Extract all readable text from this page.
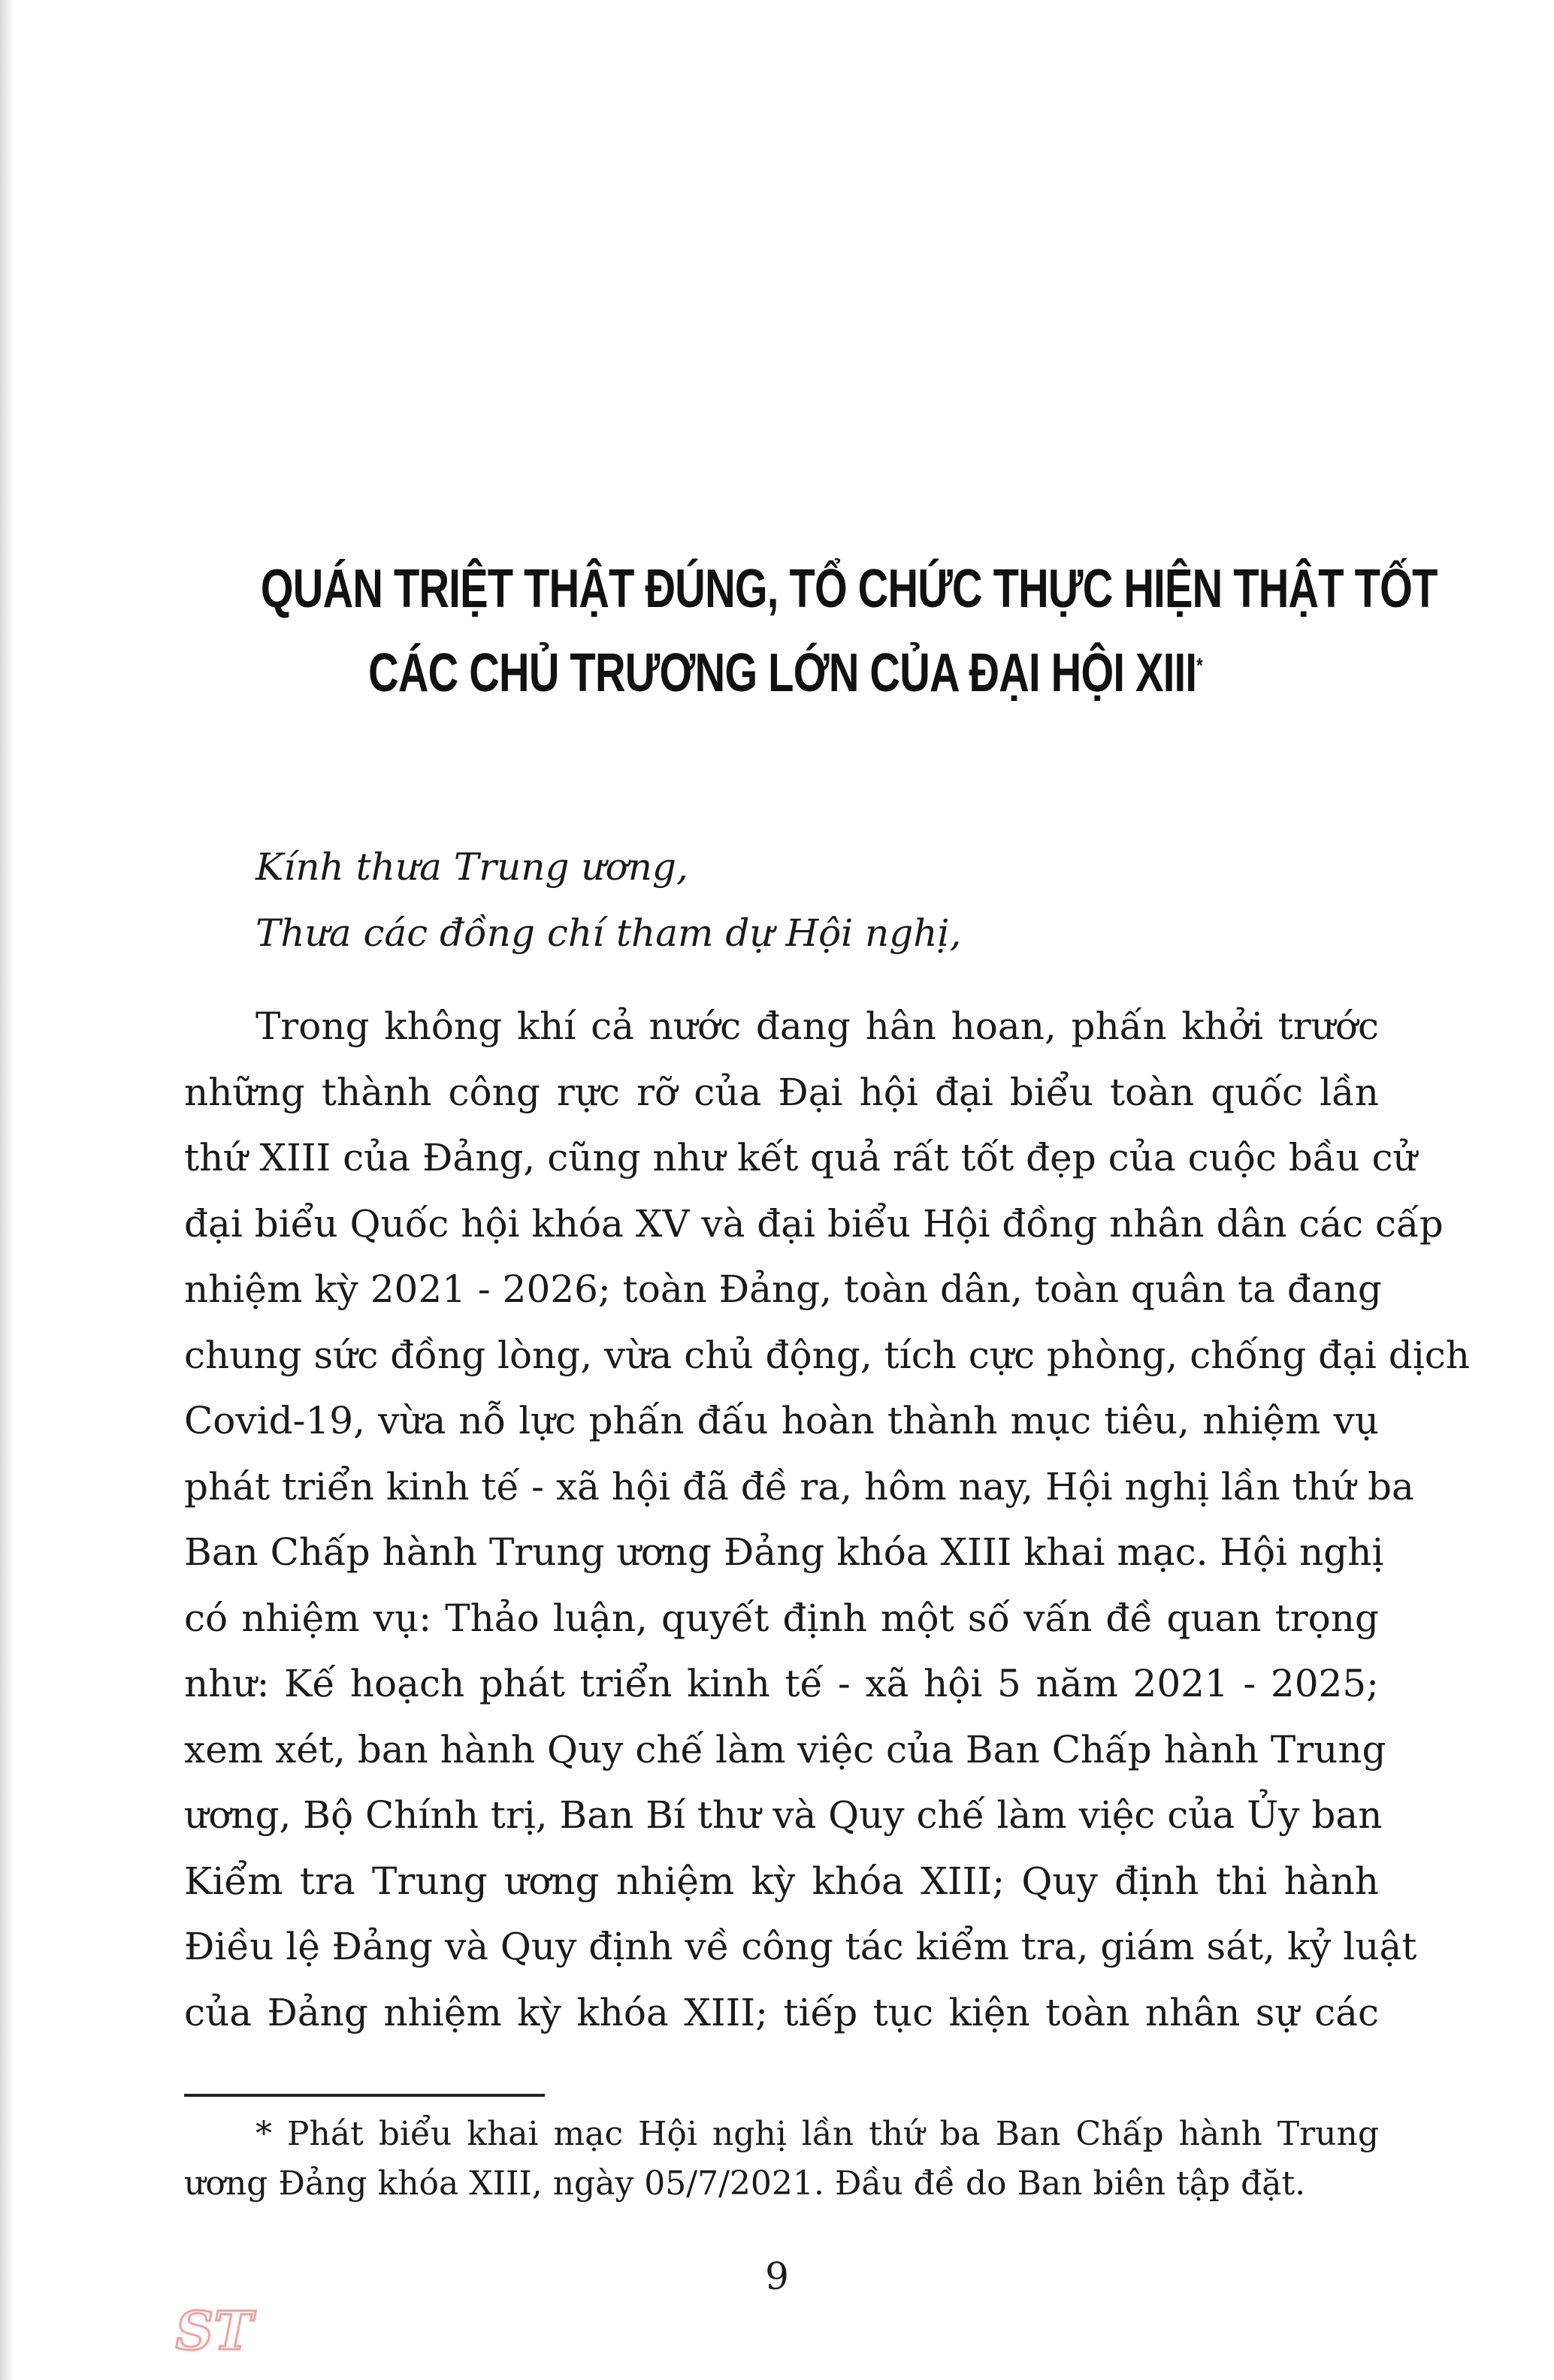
QUÁN TRIỆT THẬT ĐÚNG, TỔ CHỨC THỰC HIỆN THẬT TỐT
CÁC CHỦ TRƯƠNG LỚN CỦA ĐẠI HỘI XIII*
Kính thưa Trung ương,
Thưa các đồng chí tham dự Hội nghị,
Trong không khí cả nước đang hân hoan, phấn khởi trước
những thành công rực rỡ của Đại hội đại biểu toàn quốc lần
thứ XIII của Đảng, cũng như kết quả rất tốt đẹp của cuộc bầu cử
đại biểu Quốc hội khóa XV và đại biểu Hội đồng nhân dân các cấp
nhiệm kỳ 2021 - 2026; toàn Đảng, toàn dân, toàn quân ta đang
chung sức đồng lòng, vừa chủ động, tích cực phòng, chống đại dịch
Covid-19, vừa nỗ lực phấn đấu hoàn thành mục tiêu, nhiệm vụ
phát triển kinh tế - xã hội đã đề ra, hôm nay, Hội nghị lần thứ ba
Ban Chấp hành Trung ương Đảng khóa XIII khai mạc. Hội nghị
có nhiệm vụ: Thảo luận, quyết định một số vấn đề quan trọng
như: Kế hoạch phát triển kinh tế - xã hội 5 năm 2021 - 2025;
xem xét, ban hành Quy chế làm việc của Ban Chấp hành Trung
ương, Bộ Chính trị, Ban Bí thư và Quy chế làm việc của Ủy ban
Kiểm tra Trung ương nhiệm kỳ khóa XIII; Quy định thi hành
Điều lệ Đảng và Quy định về công tác kiểm tra, giám sát, kỷ luật
của Đảng nhiệm kỳ khóa XIII; tiếp tục kiện toàn nhân sự các
* Phát biểu khai mạc Hội nghị lần thứ ba Ban Chấp hành Trung
ương Đảng khóa XIII, ngày 05/7/2021. Đầu đề do Ban biên tập đặt.
9
ST
